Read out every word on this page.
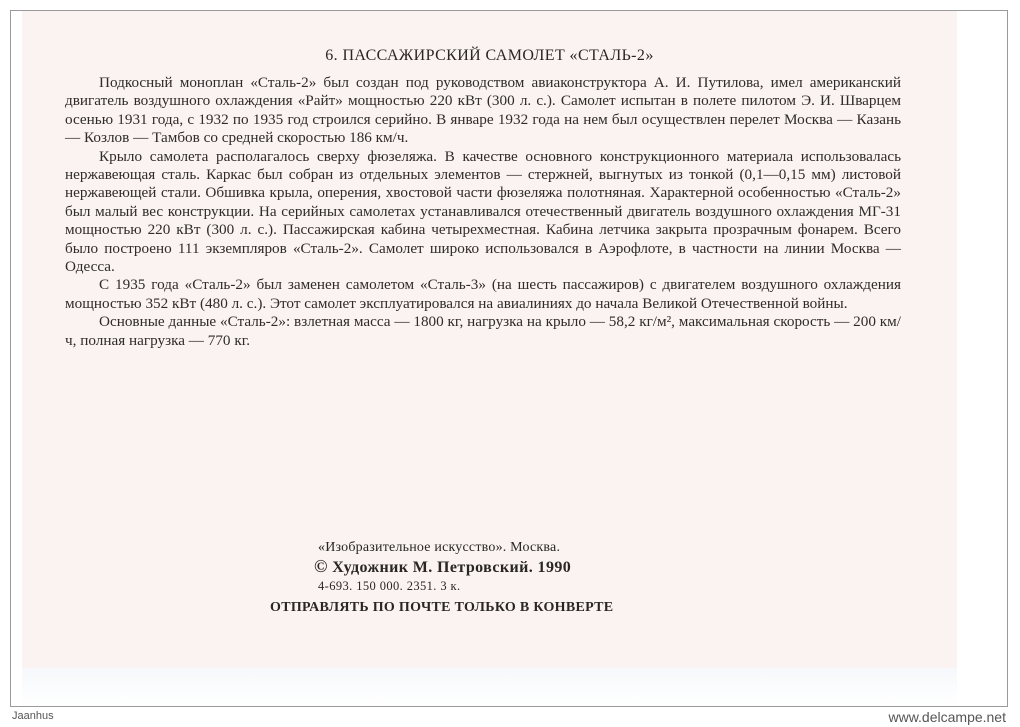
6. ПАССАЖИРСКИЙ САМОЛЕТ «СТАЛЬ-2»

Подкосный моноплан «Сталь-2» был создан под руководством авиаконструктора А. И. Путилова, имел американский двигатель воздушного охлаждения «Райт» мощностью 220 кВт (300 л. с.). Самолет испытан в полете пилотом Э. И. Шварцем осенью 1931 года, с 1932 по 1935 год строился серийно. В январе 1932 года на нем был осуществлен перелет Москва — Казань — Козлов — Тамбов со средней скоростью 186 км/ч.

Крыло самолета располагалось сверху фюзеляжа. В качестве основного конструкционного материала использовалась нержавеющая сталь. Каркас был собран из отдельных элементов — стержней, выгнутых из тонкой (0,1—0,15 мм) листовой нержавеющей стали. Обшивка крыла, оперения, хвостовой части фюзеляжа полотняная. Характерной особенностью «Сталь-2» был малый вес конструкции. На серийных самолетах устанавливался отечественный двигатель воздушного охлаждения МГ-31 мощностью 220 кВт (300 л. с.). Пассажирская кабина четырехместная. Кабина летчика закрыта прозрачным фонарем. Всего было построено 111 экземпляров «Сталь-2». Самолет широко использовался в Аэрофлоте, в частности на линии Москва — Одесса.

С 1935 года «Сталь-2» был заменен самолетом «Сталь-3» (на шесть пассажиров) с двигателем воздушного охлаждения мощностью 352 кВт (480 л. с.). Этот самолет эксплуатировался на авиалиниях до начала Великой Отечественной войны.

Основные данные «Сталь-2»: взлетная масса — 1800 кг, нагрузка на крыло — 58,2 кг/м², максимальная скорость — 200 км/ч, полная нагрузка — 770 кг.

«Изобразительное искусство». Москва.
© Художник М. Петровский. 1990
4-693. 150 000. 2351. 3 к.
ОТПРАВЛЯТЬ ПО ПОЧТЕ ТОЛЬКО В КОНВЕРТЕ
Jaanhus	www.delcampe.net
